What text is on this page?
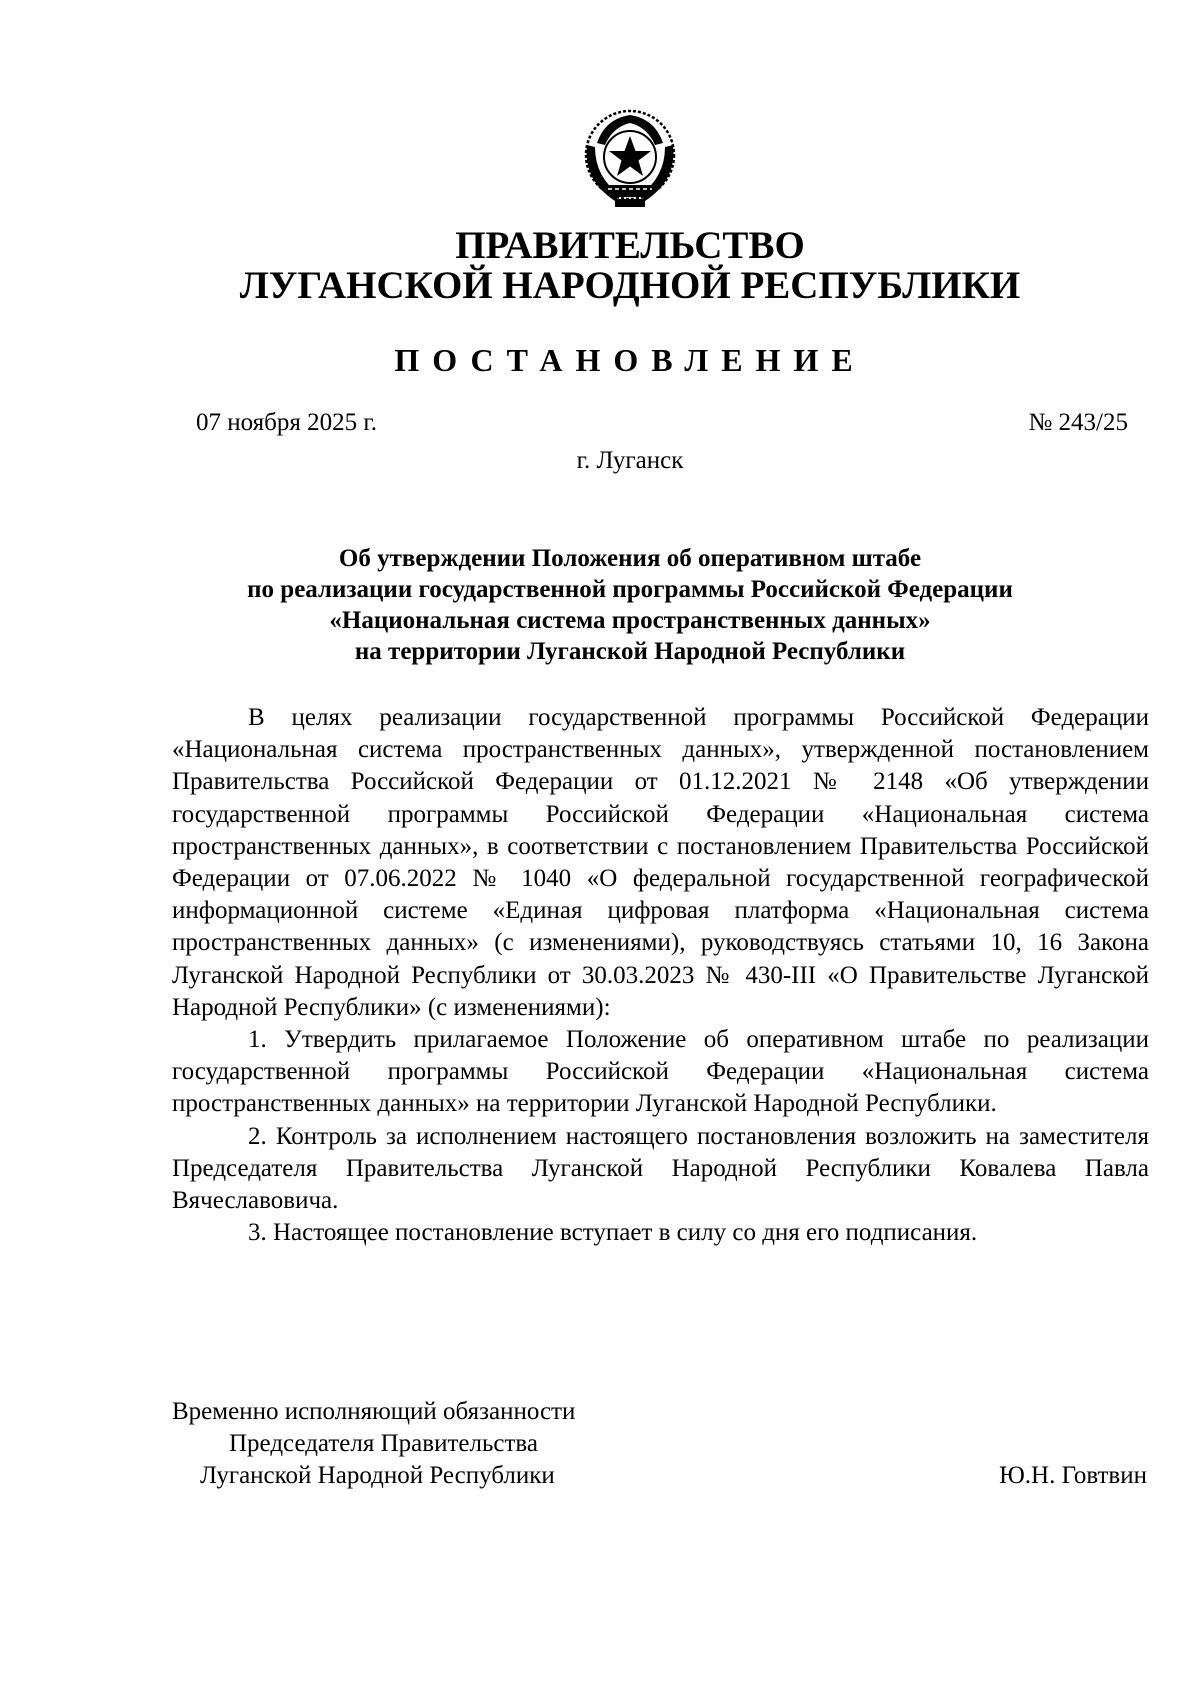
ПРАВИТЕЛЬСТВО
ЛУГАНСКОЙ НАРОДНОЙ РЕСПУБЛИКИ
ПОСТАНОВЛЕНИЕ
07 ноября 2025 г.	№ 243/25
г. Луганск
Об утверждении Положения об оперативном штабе
по реализации государственной программы Российской Федерации
«Национальная система пространственных данных»
на территории Луганской Народной Республики

В целях реализации государственной программы Российской Федерации «Национальная система пространственных данных», утвержденной постановлением Правительства Российской Федерации от 01.12.2021 № 2148 «Об утверждении государственной программы Российской Федерации «Национальная система пространственных данных», в соответствии с постановлением Правительства Российской Федерации от 07.06.2022 № 1040 «О федеральной государственной географической информационной системе «Единая цифровая платформа «Национальная система пространственных данных» (с изменениями), руководствуясь статьями 10, 16 Закона Луганской Народной Республики от 30.03.2023 № 430-III «О Правительстве Луганской Народной Республики» (с изменениями):

1. Утвердить прилагаемое Положение об оперативном штабе по реализации государственной программы Российской Федерации «Национальная система пространственных данных» на территории Луганской Народной Республики.

2. Контроль за исполнением настоящего постановления возложить на заместителя Председателя Правительства Луганской Народной Республики Ковалева Павла Вячеславовича.

3. Настоящее постановление вступает в силу со дня его подписания.

Временно исполняющий обязанности
Председателя Правительства
Луганской Народной Республики	Ю.Н. Говтвин
